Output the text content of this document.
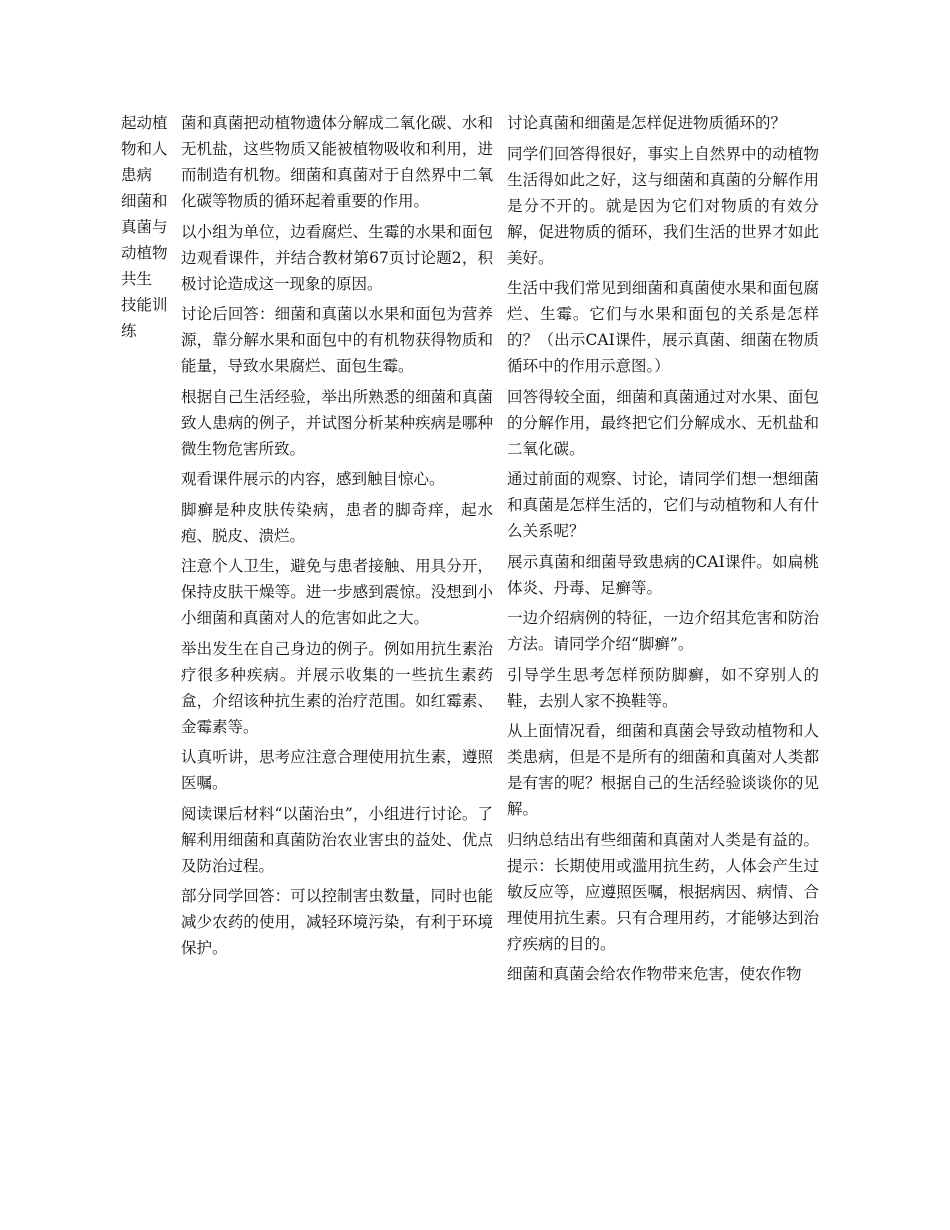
起动植

物和人

患病

细菌和

真菌与

动植物

共生

技能训

练

菌和真菌把动植物遗体分解成二氧化碳、水和无机盐，这些物质又能被植物吸收和利用，进而制造有机物。细菌和真菌对于自然界中二氧化碳等物质的循环起着重要的作用。

以小组为单位，边看腐烂、生霉的水果和面包边观看课件，并结合教材第67页讨论题2，积极讨论造成这一现象的原因。

讨论后回答：细菌和真菌以水果和面包为营养源，靠分解水果和面包中的有机物获得物质和能量，导致水果腐烂、面包生霉。

根据自己生活经验，举出所熟悉的细菌和真菌致人患病的例子，并试图分析某种疾病是哪种微生物危害所致。

观看课件展示的内容，感到触目惊心。

脚癣是种皮肤传染病，患者的脚奇痒，起水疱、脱皮、溃烂。

注意个人卫生，避免与患者接触、用具分开，保持皮肤干燥等。进一步感到震惊。没想到小小细菌和真菌对人的危害如此之大。

举出发生在自己身边的例子。例如用抗生素治疗很多种疾病。并展示收集的一些抗生素药盒，介绍该种抗生素的治疗范围。如红霉素、金霉素等。

认真听讲，思考应注意合理使用抗生素，遵照医嘱。

阅读课后材料“以菌治虫”，小组进行讨论。了解利用细菌和真菌防治农业害虫的益处、优点及防治过程。

部分同学回答：可以控制害虫数量，同时也能减少农药的使用，减轻环境污染，有利于环境保护。

讨论真菌和细菌是怎样促进物质循环的？

同学们回答得很好，事实上自然界中的动植物生活得如此之好，这与细菌和真菌的分解作用是分不开的。就是因为它们对物质的有效分解，促进物质的循环，我们生活的世界才如此美好。

生活中我们常见到细菌和真菌使水果和面包腐烂、生霉。它们与水果和面包的关系是怎样的？（出示CAI课件，展示真菌、细菌在物质循环中的作用示意图。）

回答得较全面，细菌和真菌通过对水果、面包的分解作用，最终把它们分解成水、无机盐和二氧化碳。

通过前面的观察、讨论，请同学们想一想细菌和真菌是怎样生活的，它们与动植物和人有什么关系呢？

展示真菌和细菌导致患病的CAI课件。如扁桃体炎、丹毒、足癣等。

一边介绍病例的特征，一边介绍其危害和防治方法。请同学介绍“脚癣”。

引导学生思考怎样预防脚癣，如不穿别人的鞋，去别人家不换鞋等。

从上面情况看，细菌和真菌会导致动植物和人类患病，但是不是所有的细菌和真菌对人类都是有害的呢？根据自己的生活经验谈谈你的见解。

归纳总结出有些细菌和真菌对人类是有益的。提示：长期使用或滥用抗生药，人体会产生过敏反应等，应遵照医嘱，根据病因、病情、合理使用抗生素。只有合理用药，才能够达到治疗疾病的目的。

细菌和真菌会给农作物带来危害，使农作物
